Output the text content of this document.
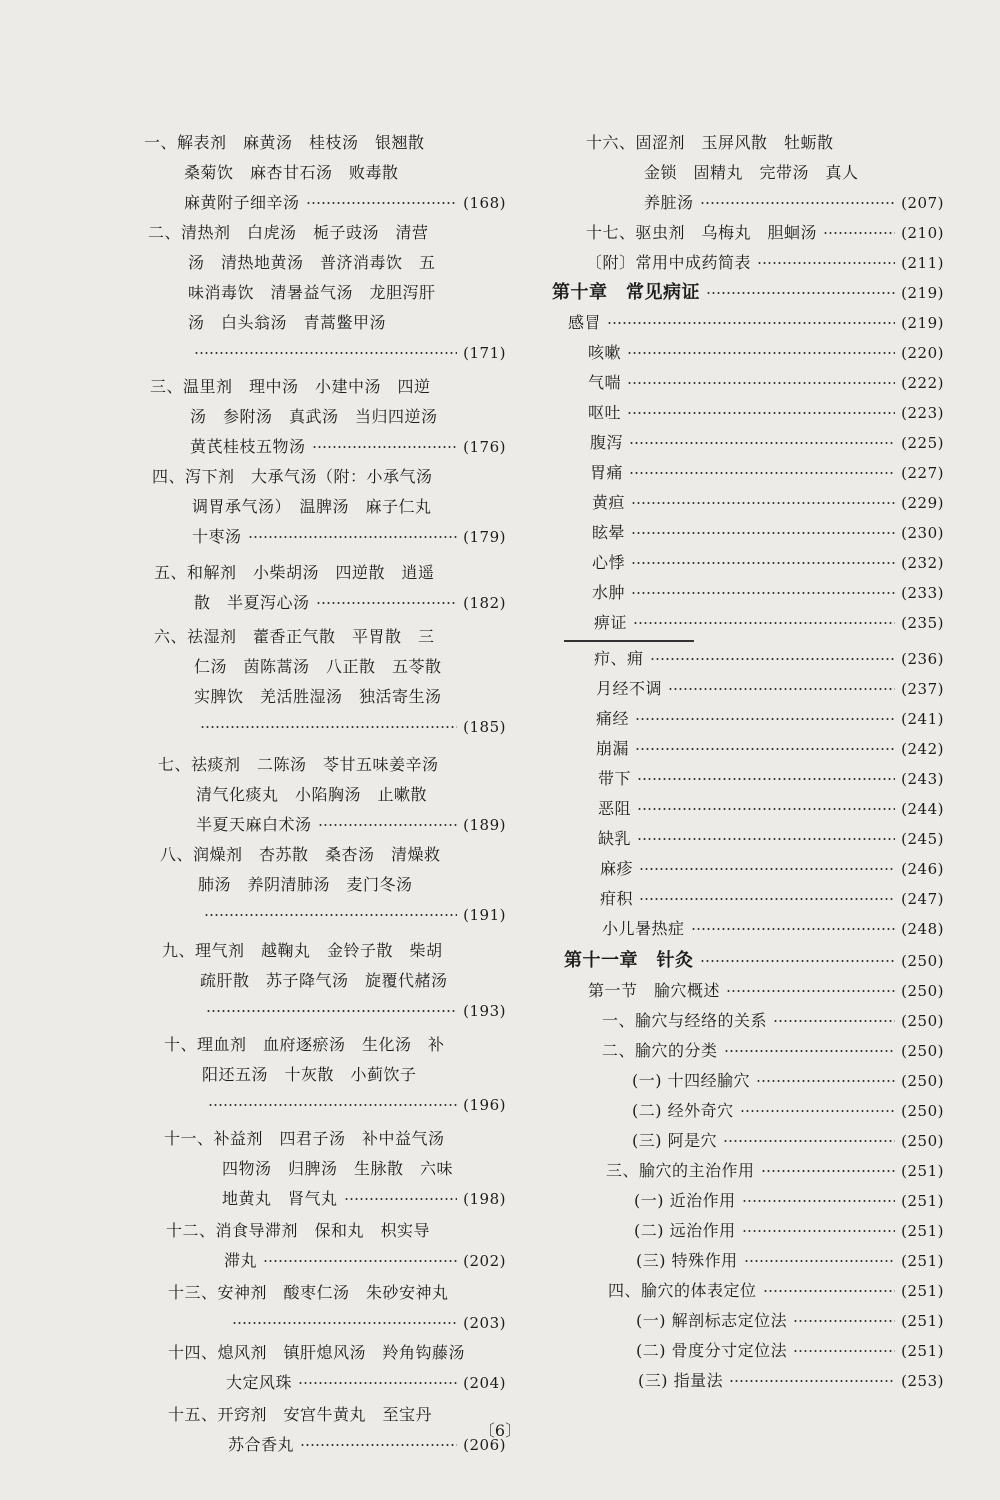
一、解表剂　麻黄汤　桂枝汤　银翘散
桑菊饮　麻杏甘石汤　败毒散
麻黄附子细辛汤	(168)
二、清热剂　白虎汤　栀子豉汤　清营
汤　清热地黄汤　普济消毒饮　五
味消毒饮　清暑益气汤　龙胆泻肝
汤　白头翁汤　青蒿鳖甲汤
(171)
三、温里剂　理中汤　小建中汤　四逆
汤　参附汤　真武汤　当归四逆汤
黄芪桂枝五物汤	(176)
四、泻下剂　大承气汤（附：小承气汤
调胃承气汤）　温脾汤　麻子仁丸
十枣汤	(179)
五、和解剂　小柴胡汤　四逆散　逍遥
散　半夏泻心汤	(182)
六、祛湿剂　藿香正气散　平胃散　三
仁汤　茵陈蒿汤　八正散　五苓散
实脾饮　羌活胜湿汤　独活寄生汤
(185)
七、祛痰剂　二陈汤　苓甘五味姜辛汤
清气化痰丸　小陷胸汤　止嗽散
半夏天麻白术汤	(189)
八、润燥剂　杏苏散　桑杏汤　清燥救
肺汤　养阴清肺汤　麦门冬汤
(191)
九、理气剂　越鞠丸　金铃子散　柴胡
疏肝散　苏子降气汤　旋覆代赭汤
(193)
十、理血剂　血府逐瘀汤　生化汤　补
阳还五汤　十灰散　小蓟饮子
(196)
十一、补益剂　四君子汤　补中益气汤
四物汤　归脾汤　生脉散　六味
地黄丸　肾气丸	(198)
十二、消食导滞剂　保和丸　枳实导
滞丸	(202)
十三、安神剂　酸枣仁汤　朱砂安神丸
(203)
十四、熄风剂　镇肝熄风汤　羚角钩藤汤
大定风珠	(204)
十五、开窍剂　安宫牛黄丸　至宝丹
苏合香丸	(206)
十六、固涩剂　玉屏风散　牡蛎散
金锁　固精丸　完带汤　真人
养脏汤	(207)
十七、驱虫剂　乌梅丸　胆蛔汤	(210)
〔附〕常用中成药简表	(211)
第十章　常见病证	(219)
感冒	(219)
咳嗽	(220)
气喘	(222)
呕吐	(223)
腹泻	(225)
胃痛	(227)
黄疸	(229)
眩晕	(230)
心悸	(232)
水肿	(233)
痹证	(235)
疖、痈	(236)
月经不调	(237)
痛经	(241)
崩漏	(242)
带下	(243)
恶阻	(244)
缺乳	(245)
麻疹	(246)
疳积	(247)
小儿暑热症	(248)
第十一章　针灸	(250)
第一节　腧穴概述	(250)
一、腧穴与经络的关系	(250)
二、腧穴的分类	(250)
(一) 十四经腧穴	(250)
(二) 经外奇穴	(250)
(三) 阿是穴	(250)
三、腧穴的主治作用	(251)
(一) 近治作用	(251)
(二) 远治作用	(251)
(三) 特殊作用	(251)
四、腧穴的体表定位	(251)
(一) 解剖标志定位法	(251)
(二) 骨度分寸定位法	(251)
(三) 指量法	(253)
〔6〕
